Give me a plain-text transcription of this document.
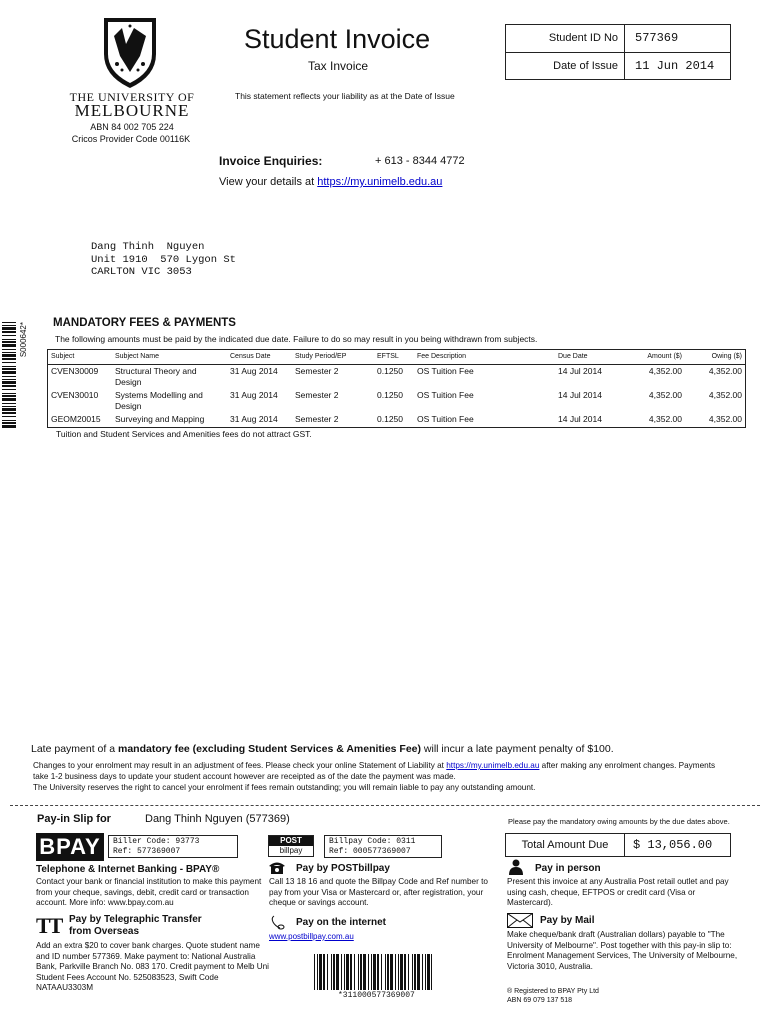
THE UNIVERSITY OF
MELBOURNE
ABN 84 002 705 224
Cricos Provider Code 00116K
Student Invoice
Tax Invoice
This statement reflects your liability as at the Date of Issue
Student ID No	577369
Date of Issue	11 Jun 2014
Invoice Enquiries:	+ 613 - 8344 4772
View your details at https://my.unimelb.edu.au
Dang Thinh  Nguyen
Unit 1910  570 Lygon St
CARLTON VIC 3053
S000642* MANDATORY FEES & PAYMENTS
The following amounts must be paid by the indicated due date. Failure to do so may result in you being withdrawn from subjects.
Subject	Subject Name	Census Date	Study Period/EP	EFTSL	Fee Description	Due Date	Amount ($)	Owing ($)
CVEN30009	Structural Theory and Design	31 Aug 2014	Semester 2	0.1250	OS Tuition Fee	14 Jul 2014	4,352.00	4,352.00
CVEN30010	Systems Modelling and Design	31 Aug 2014	Semester 2	0.1250	OS Tuition Fee	14 Jul 2014	4,352.00	4,352.00
GEOM20015	Surveying and Mapping	31 Aug 2014	Semester 2	0.1250	OS Tuition Fee	14 Jul 2014	4,352.00	4,352.00
Tuition and Student Services and Amenities fees do not attract GST.
Late payment of a mandatory fee (excluding Student Services & Amenities Fee) will incur a late payment penalty of $100.
Changes to your enrolment may result in an adjustment of fees. Please check your online Statement of Liability at https://my.unimelb.edu.au after making any enrolment changes. Payments take 1-2 business days to update your student account however are receipted as of the date the payment was made.
The University reserves the right to cancel your enrolment if fees remain outstanding; you will remain liable to pay any outstanding amount.
Pay-in Slip for	Dang Thinh Nguyen (577369)	Please pay the mandatory owing amounts by the due dates above.
BPAY	Biller Code: 93773
Ref: 577369007
POST
billpay
Billpay Code: 0311
Ref: 000577369007
Total Amount Due	$ 13,056.00
Telephone & Internet Banking - BPAY®
Contact your bank or financial institution to make this payment from your cheque, savings, debit, credit card or transaction account. More info: www.bpay.com.au
Pay by POSTbillpay
Call 13 18 16 and quote the Billpay Code and Ref number to pay from your Visa or Mastercard or, after registration, your cheque or savings account.
Pay in person
Present this invoice at any Australia Post retail outlet and pay using cash, cheque, EFTPOS or credit card (Visa or Mastercard).
TT Pay by Telegraphic Transfer
from Overseas
Add an extra $20 to cover bank charges. Quote student name and ID number 577369. Make payment to: National Australia Bank, Parkville Branch No. 083 170. Credit payment to Melb Uni Student Fees Account No. 525083523, Swift Code NATAAU3303M
Pay on the internet
www.postbillpay.com.au
Pay by Mail
Make cheque/bank draft (Australian dollars) payable to "The University of Melbourne". Post together with this pay-in slip to: Enrolment Management Services, The University of Melbourne, Victoria 3010, Australia.
® Registered to BPAY Pty Ltd
ABN 69 079 137 518
*311000577369007
